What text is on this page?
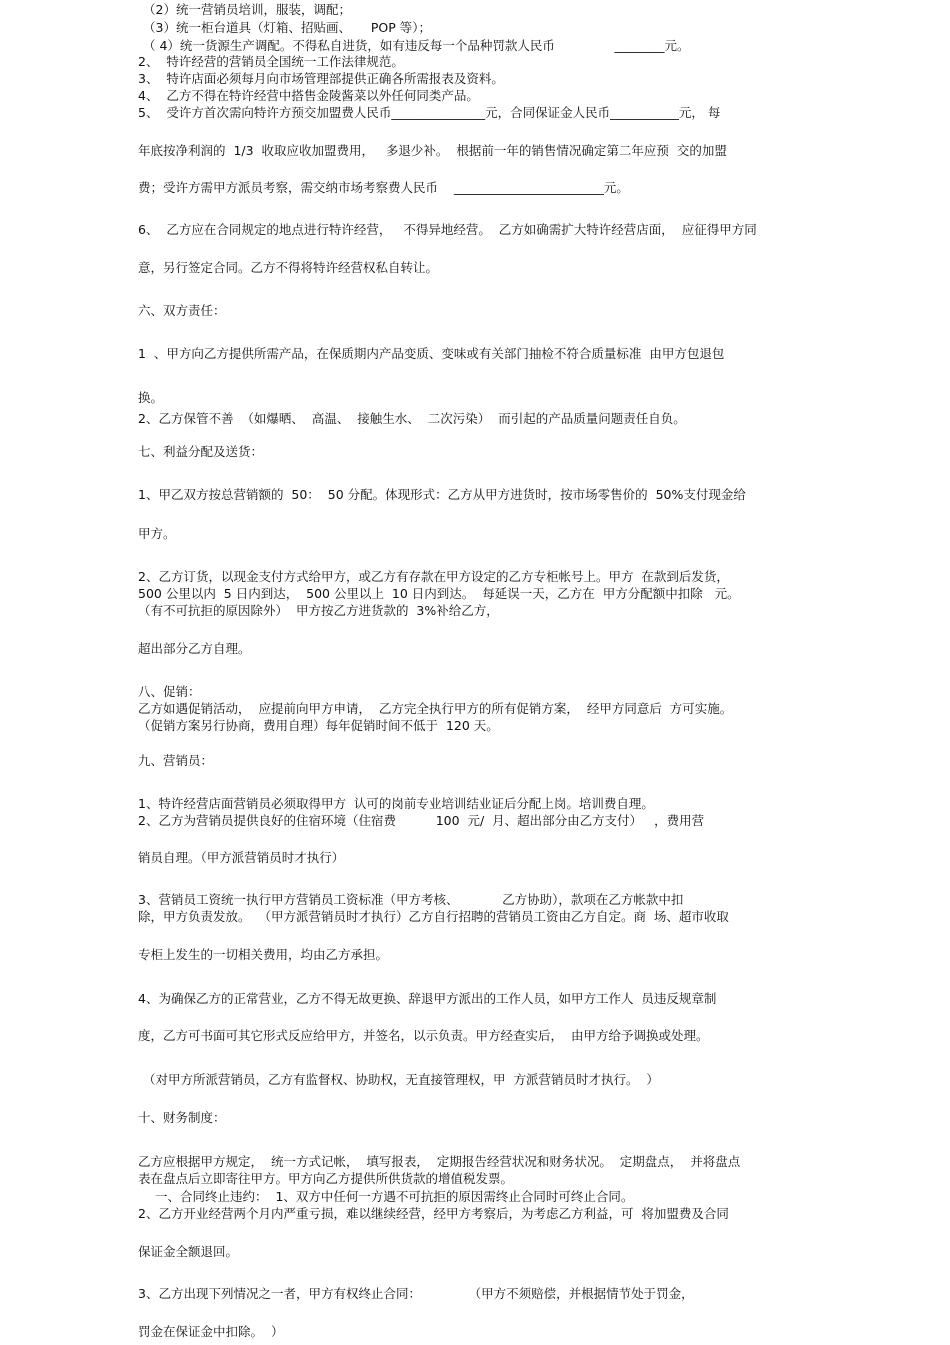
（2）统一营销员培训，服装，调配；
（3）统一柜台道具（灯箱、招贴画、     POP 等）；
（ 4）统一货源生产调配。不得私自进货，如有违反每一个品种罚款人民币               ________元。
2、  特许经营的营销员全国统一工作法律规范。
3、  特许店面必须每月向市场管理部提供正确各所需报表及资料。
4、  乙方不得在特许经营中搭售金陵酱菜以外任何同类产品。
5、  受许方首次需向特许方预交加盟费人民币_______________元，合同保证金人民币___________元， 每
年底按净利润的  1/3  收取应收加盟费用，   多退少补。  根据前一年的销售情况确定第二年应预  交的加盟
费；受许方需甲方派员考察，需交纳市场考察费人民币    ________________________元。
6、  乙方应在合同规定的地点进行特许经营，   不得异地经营。  乙方如确需扩大特许经营店面，  应征得甲方同
意，另行签定合同。乙方不得将特许经营权私自转让。
六、双方责任：
1  、甲方向乙方提供所需产品，在保质期内产品变质、变味或有关部门抽检不符合质量标准  由甲方包退包
换。
2、乙方保管不善  （如爆晒、  高温、  接触生水、  二次污染）  而引起的产品质量问题责任自负。
七、利益分配及送货：
1、甲乙双方按总营销额的  50：  50 分配。体现形式：乙方从甲方进货时，按市场零售价的  50%支付现金给
甲方。
2、乙方订货，以现金支付方式给甲方，或乙方有存款在甲方设定的乙方专柜帐号上。甲方  在款到后发货，
500 公里以内  5 日内到达，  500 公里以上  10 日内到达。  每延误一天，乙方在  甲方分配额中扣除   元。
（有不可抗拒的原因除外）  甲方按乙方进货款的  3%补给乙方，
超出部分乙方自理。
八、促销：
乙方如遇促销活动，  应提前向甲方申请，  乙方完全执行甲方的所有促销方案，  经甲方同意后  方可实施。
（促销方案另行协商，费用自理）每年促销时间不低于  120 天。
九、营销员：
1、特许经营店面营销员必须取得甲方  认可的岗前专业培训结业证后分配上岗。培训费自理。
2、乙方为营销员提供良好的住宿环境（住宿费          100  元/  月、超出部分由乙方支付）   ，费用营
销员自理。（甲方派营销员时才执行）
3、营销员工资统一执行甲方营销员工资标准（甲方考核、           乙方协助），款项在乙方帐款中扣
除，甲方负责发放。  （甲方派营销员时才执行）乙方自行招聘的营销员工资由乙方自定。商  场、超市收取
专柜上发生的一切相关费用，均由乙方承担。
4、为确保乙方的正常营业，乙方不得无故更换、辞退甲方派出的工作人员，如甲方工作人  员违反规章制
度，乙方可书面可其它形式反应给甲方，并签名，以示负责。甲方经查实后，  由甲方给予调换或处理。
（对甲方所派营销员，乙方有监督权、协助权，无直接管理权，甲  方派营销员时才执行。  ）
十、财务制度：
乙方应根据甲方规定，  统一方式记帐，  填写报表，  定期报告经营状况和财务状况。  定期盘点，  并将盘点
表在盘点后立即寄往甲方。甲方向乙方提供所供货款的增值税发票。
一、合同终止违约：  1、双方中任何一方遇不可抗拒的原因需终止合同时可终止合同。
2、乙方开业经营两个月内严重亏损，难以继续经营，经甲方考察后，为考虑乙方利益，可  将加盟费及合同
保证金全额退回。
3、乙方出现下列情况之一者，甲方有权终止合同：            （甲方不须赔偿，并根据情节处于罚金，
罚金在保证金中扣除。  ）
